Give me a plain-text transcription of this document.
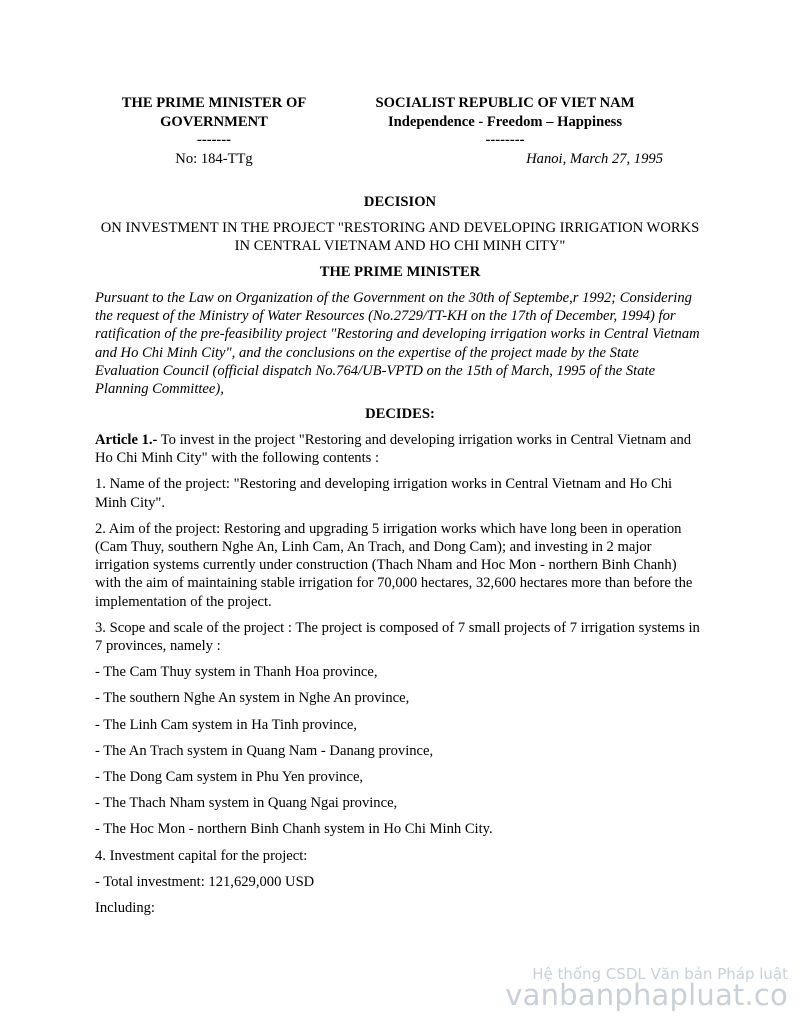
THE PRIME MINISTER OF
GOVERNMENT
-------
No: 184-TTg
SOCIALIST REPUBLIC OF VIET NAM
Independence - Freedom – Happiness
--------
Hanoi, March 27, 1995
DECISION
ON INVESTMENT IN THE PROJECT "RESTORING AND DEVELOPING IRRIGATION WORKS IN CENTRAL VIETNAM AND HO CHI MINH CITY"
THE PRIME MINISTER

Pursuant to the Law on Organization of the Government on the 30th of Septembe,r 1992; Considering the request of the Ministry of Water Resources (No.2729/TT-KH on the 17th of December, 1994) for ratification of the pre-feasibility project "Restoring and developing irrigation works in Central Vietnam and Ho Chi Minh City", and the conclusions on the expertise of the project made by the State Evaluation Council (official dispatch No.764/UB-VPTD on the 15th of March, 1995 of the State Planning Committee),

DECIDES:

Article 1.- To invest in the project "Restoring and developing irrigation works in Central Vietnam and Ho Chi Minh City" with the following contents :

1. Name of the project: "Restoring and developing irrigation works in Central Vietnam and Ho Chi Minh City".

2. Aim of the project: Restoring and upgrading 5 irrigation works which have long been in operation (Cam Thuy, southern Nghe An, Linh Cam, An Trach, and Dong Cam); and investing in 2 major irrigation systems currently under construction (Thach Nham and Hoc Mon - northern Binh Chanh) with the aim of maintaining stable irrigation for 70,000 hectares, 32,600 hectares more than before the implementation of the project.

3. Scope and scale of the project : The project is composed of 7 small projects of 7 irrigation systems in 7 provinces, namely :

- The Cam Thuy system in Thanh Hoa province,

- The southern Nghe An system in Nghe An province,

- The Linh Cam system in Ha Tinh province,

- The An Trach system in Quang Nam - Danang province,

- The Dong Cam system in Phu Yen province,

- The Thach Nham system in Quang Ngai province,

- The Hoc Mon - northern Binh Chanh system in Ho Chi Minh City.

4. Investment capital for the project:

- Total investment: 121,629,000 USD

Including:

Hệ thống CSDL Văn bản Pháp luật
vanbanphapluat.co
